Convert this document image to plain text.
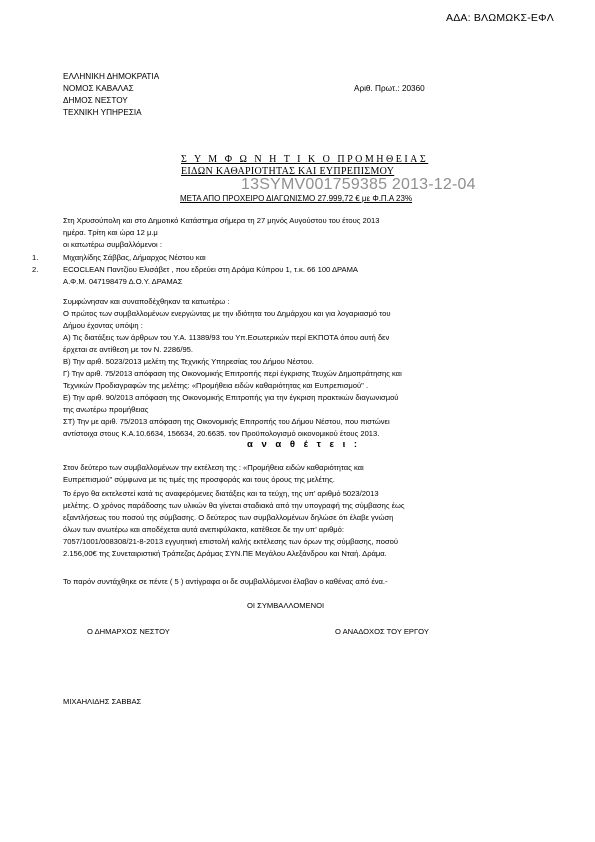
ΑΔΑ: ΒΛΩΜΩΚΣ-ΕΦΛ
ΕΛΛΗΝΙΚΗ ΔΗΜΟΚΡΑΤΙΑ
ΝΟΜΟΣ ΚΑΒΑΛΑΣ
ΔΗΜΟΣ ΝΕΣΤΟΥ
ΤΕΧΝΙΚΗ ΥΠΗΡΕΣΙΑ
Αριθ. Πρωτ.: 20360
Σ Υ Μ Φ Ω Ν Η Τ Ι Κ Ο ΠΡΟΜΗΘΕΙΑΣ
ΕΙΔΩΝ ΚΑΘΑΡΙΟΤΗΤΑΣ ΚΑΙ ΕΥΠΡΕΠΙΣΜΟΥ
13SYMV001759385 2013-12-04
ΜΕΤΑ ΑΠΟ ΠΡΟΧΕΙΡΟ ΔΙΑΓΩΝΙΣΜΟ 27.999,72 € με Φ.Π.Α 23%
Στη Χρυσούπολη και στο Δημοτικό Κατάστημα σήμερα τη 27 μηνός Αυγούστου του έτους 2013
ημέρα. Τρίτη και ώρα 12 μ.μ
οι κατωτέρω συμβαλλόμενοι :
1.	Μιχαηλίδης Σάββας, Δήμαρχος Νέστου και
2.	ECOCLEAN Παντζίου Ελισάβετ , που εδρεύει στη Δράμα Κύπρου 1, τ.κ. 66 100 ΔΡΑΜΑ
Α.Φ.Μ. 047198479 Δ.Ο.Υ. ΔΡΑΜΑΣ
Συμφώνησαν και συναποδέχθηκαν τα κατωτέρω :
Ο πρώτος των συμβαλλομένων ενεργώντας με την ιδιότητα του Δημάρχου και για λογαριασμό του
Δήμου έχοντας υπόψη :
Α) Τις διατάξεις των άρθρων του Υ.Α. 11389/93 του Υπ.Εσωτερικών περί ΕΚΠΟΤΑ όπου αυτή δεν
έρχεται σε αντίθεση με τον Ν. 2286/95.
Β) Την αριθ. 5023/2013 μελέτη της Τεχνικής Υπηρεσίας του Δήμου Νέστου.
Γ) Την αριθ. 75/2013 απόφαση της Οικονομικής Επιτροπής περί έγκρισης Τευχών Δημοπράτησης και
Τεχνικών Προδιαγραφών της μελέτης: «Προμήθεια ειδών καθαριότητας και Ευπρεπισμού" .
Ε) Την αριθ. 90/2013 απόφαση της Οικονομικής Επιτροπής για την έγκριση πρακτικών διαγωνισμού
της ανωτέρω προμήθειας
ΣΤ) Την με αριθ. 75/2013 απόφαση της Οικονομικής Επιτροπής του Δήμου Νέστου, που πιστώνει
αντίστοιχα στους Κ.Α.10.6634, 156634, 20.6635. τον Προϋπολογισμό οικονομικού έτους 2013.
α ν α θ έ τ ε ι :
Στον δεύτερο των συμβαλλομένων την εκτέλεση της : «Προμήθεια ειδών καθαριότητας και
Ευπρεπισμού" σύμφωνα με τις τιμές της προσφοράς και τους όρους της μελέτης.
Το έργο θα εκτελεστεί κατά τις αναφερόμενες διατάξεις και τα τεύχη, της υπ’ αριθμό 5023/2013
μελέτης. Ο χρόνος παράδοσης των υλικών θα γίνεται σταδιακά από την υπογραφή της σύμβασης έως
εξαντλήσεως του ποσού της σύμβασης. Ο δεύτερος των συμβαλλομένων δηλώσε ότι έλαβε γνώση
όλων των ανωτέρω και αποδέχεται αυτά ανεπιφύλακτα, κατέθεσε δε την υπ’ αριθμό:
7057/1001/008308/21-8-2013 εγγυητική επιστολή καλής εκτέλεσης των όρων της σύμβασης, ποσού
2.156,00€ της Συνεταιριστική Τράπεζας Δράμας ΣΥΝ.ΠΕ Μεγάλου Αλεξάνδρου και Νταή. Δράμα.
Το παρόν συντάχθηκε σε πέντε ( 5 ) αντίγραφα οι δε συμβαλλόμενοι έλαβαν ο καθένας από ένα.-
ΟΙ ΣΥΜΒΑΛΛΟΜΕΝΟΙ
Ο ΔΗΜΑΡΧΟΣ ΝΕΣΤΟΥ	Ο ΑΝΑΔΟΧΟΣ ΤΟΥ ΕΡΓΟΥ
ΜΙΧΑΗΛΙΔΗΣ ΣΑΒΒΑΣ
